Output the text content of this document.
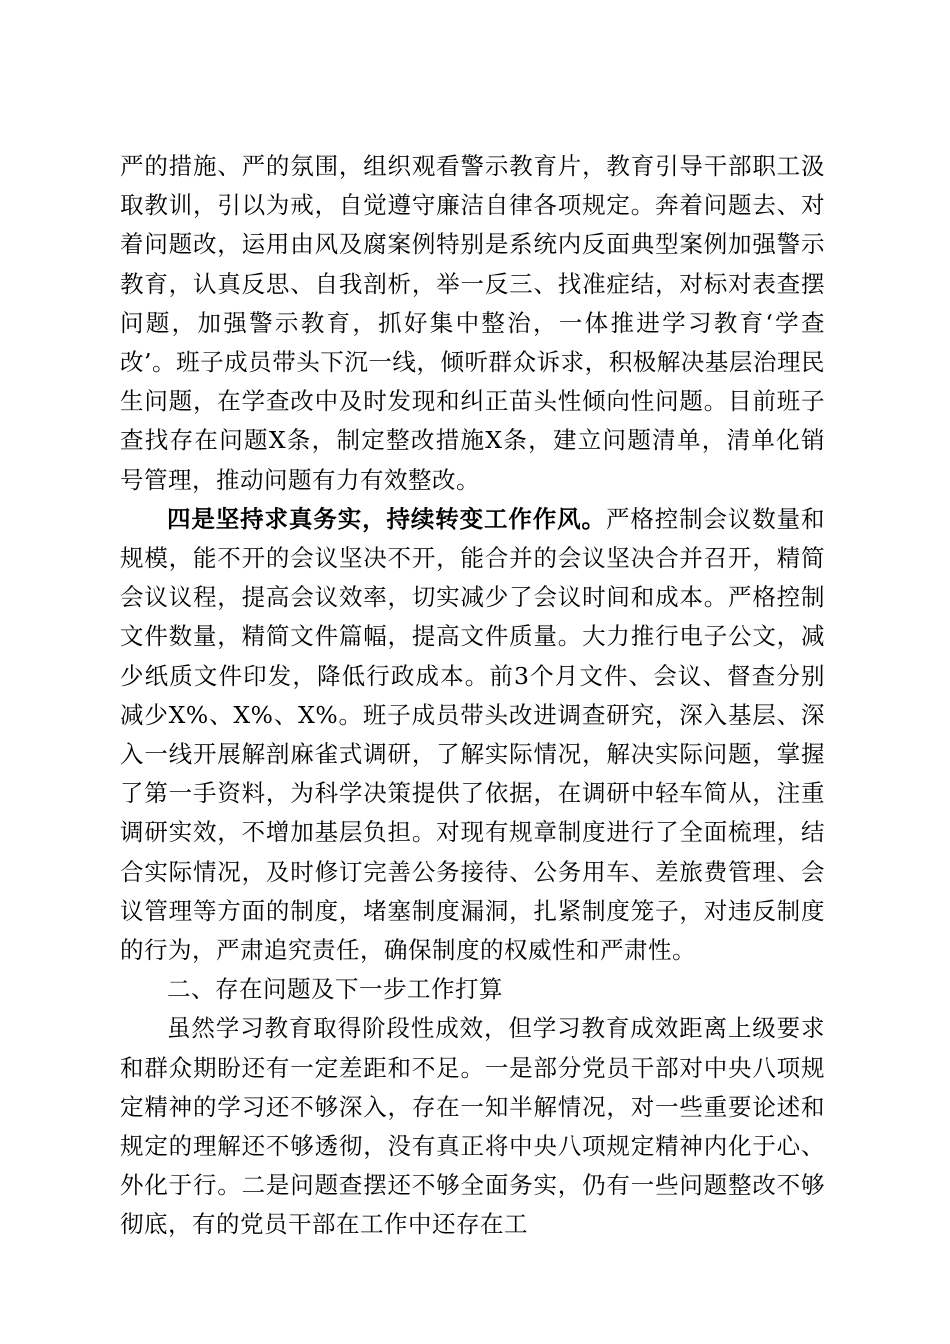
严的措施、严的氛围，组织观看警示教育片，教育引导干部职工汲取教训，引以为戒，自觉遵守廉洁自律各项规定。奔着问题去、对着问题改，运用由风及腐案例特别是系统内反面典型案例加强警示教育，认真反思、自我剖析，举一反三、找准症结，对标对表查摆问题，加强警示教育，抓好集中整治，一体推进学习教育‘学查改’。班子成员带头下沉一线，倾听群众诉求，积极解决基层治理民生问题，在学查改中及时发现和纠正苗头性倾向性问题。目前班子查找存在问题X条，制定整改措施X条，建立问题清单，清单化销号管理，推动问题有力有效整改。

四是坚持求真务实，持续转变工作作风。严格控制会议数量和规模，能不开的会议坚决不开，能合并的会议坚决合并召开，精简会议议程，提高会议效率，切实减少了会议时间和成本。严格控制文件数量，精简文件篇幅，提高文件质量。大力推行电子公文，减少纸质文件印发，降低行政成本。前3个月文件、会议、督查分别减少X%、X%、X%。班子成员带头改进调查研究，深入基层、深入一线开展解剖麻雀式调研，了解实际情况，解决实际问题，掌握了第一手资料，为科学决策提供了依据，在调研中轻车简从，注重调研实效，不增加基层负担。对现有规章制度进行了全面梳理，结合实际情况，及时修订完善公务接待、公务用车、差旅费管理、会议管理等方面的制度，堵塞制度漏洞，扎紧制度笼子，对违反制度的行为，严肃追究责任，确保制度的权威性和严肃性。

二、存在问题及下一步工作打算

虽然学习教育取得阶段性成效，但学习教育成效距离上级要求和群众期盼还有一定差距和不足。一是部分党员干部对中央八项规定精神的学习还不够深入，存在一知半解情况，对一些重要论述和规定的理解还不够透彻，没有真正将中央八项规定精神内化于心、外化于行。二是问题查摆还不够全面务实，仍有一些问题整改不够彻底，有的党员干部在工作中还存在工
